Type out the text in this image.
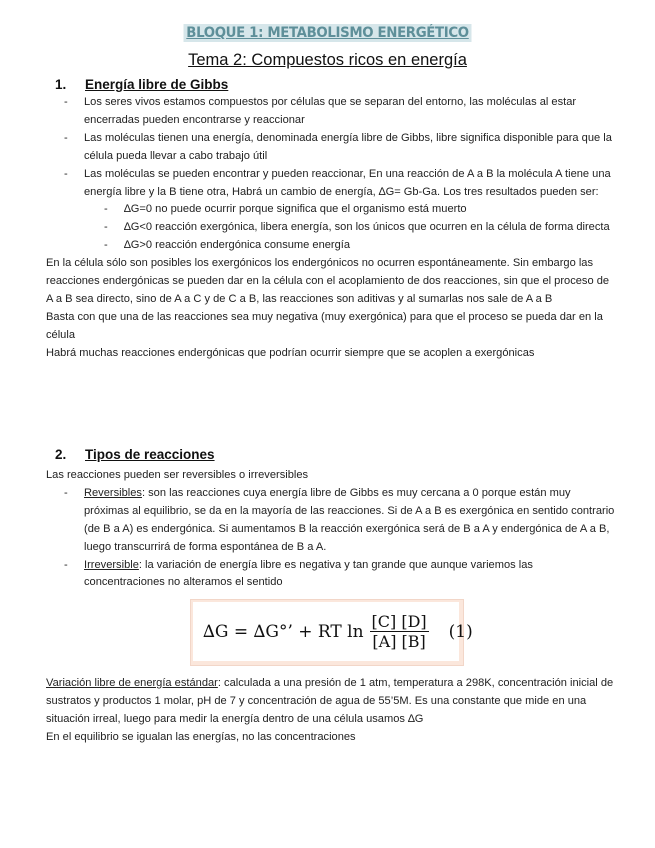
BLOQUE 1: METABOLISMO ENERGÉTICO
Tema 2: Compuestos ricos en energía
1. Energía libre de Gibbs
- Los seres vivos estamos compuestos por células que se separan del entorno, las moléculas al estar encerradas pueden encontrarse y reaccionar
- Las moléculas tienen una energía, denominada energía libre de Gibbs, libre significa disponible para que la célula pueda llevar a cabo trabajo útil
- Las moléculas se pueden encontrar y pueden reaccionar, En una reacción de A a B la molécula A tiene una energía libre y la B tiene otra, Habrá un cambio de energía, ∆G= Gb-Ga. Los tres resultados pueden ser:
- ∆G=0 no puede ocurrir porque significa que el organismo está muerto
- ∆G<0 reacción exergónica, libera energía, son los únicos que ocurren en la célula de forma directa
- ∆G>0 reacción endergónica consume energía

En la célula sólo son posibles los exergónicos los endergónicos no ocurren espontáneamente. Sin embargo las reacciones endergónicas se pueden dar en la célula con el acoplamiento de dos reacciones, sin que el proceso de A a B sea directo, sino de A a C y de C a B, las reacciones son aditivas y al sumarlas nos sale de A a B

Basta con que una de las reacciones sea muy negativa (muy exergónica) para que el proceso se pueda dar en la célula

Habrá muchas reacciones endergónicas que podrían ocurrir siempre que se acoplen a exergónicas

2. Tipos de reacciones

Las reacciones pueden ser reversibles o irreversibles

- Reversibles: son las reacciones cuya energía libre de Gibbs es muy cercana a 0 porque están muy próximas al equilibrio, se da en la mayoría de las reacciones. Si de A a B es exergónica en sentido contrario (de B a A) es endergónica. Si aumentamos B la reacción exergónica será de B a A y endergónica de A a B, luego transcurrirá de forma espontánea de B a A.
- Irreversible: la variación de energía libre es negativa y tan grande que aunque variemos las concentraciones no alteramos el sentido
∆G = ∆G°’ + RT $\ln \frac{[C] [D]}{[A] [B]} (1)$

Variación libre de energía estándar: calculada a una presión de 1 atm, temperatura a 298K, concentración inicial de sustratos y productos 1 molar, pH de 7 y concentración de agua de 55’5M. Es una constante que mide en una situación irreal, luego para medir la energía dentro de una célula usamos ∆G

En el equilibrio se igualan las energías, no las concentraciones
